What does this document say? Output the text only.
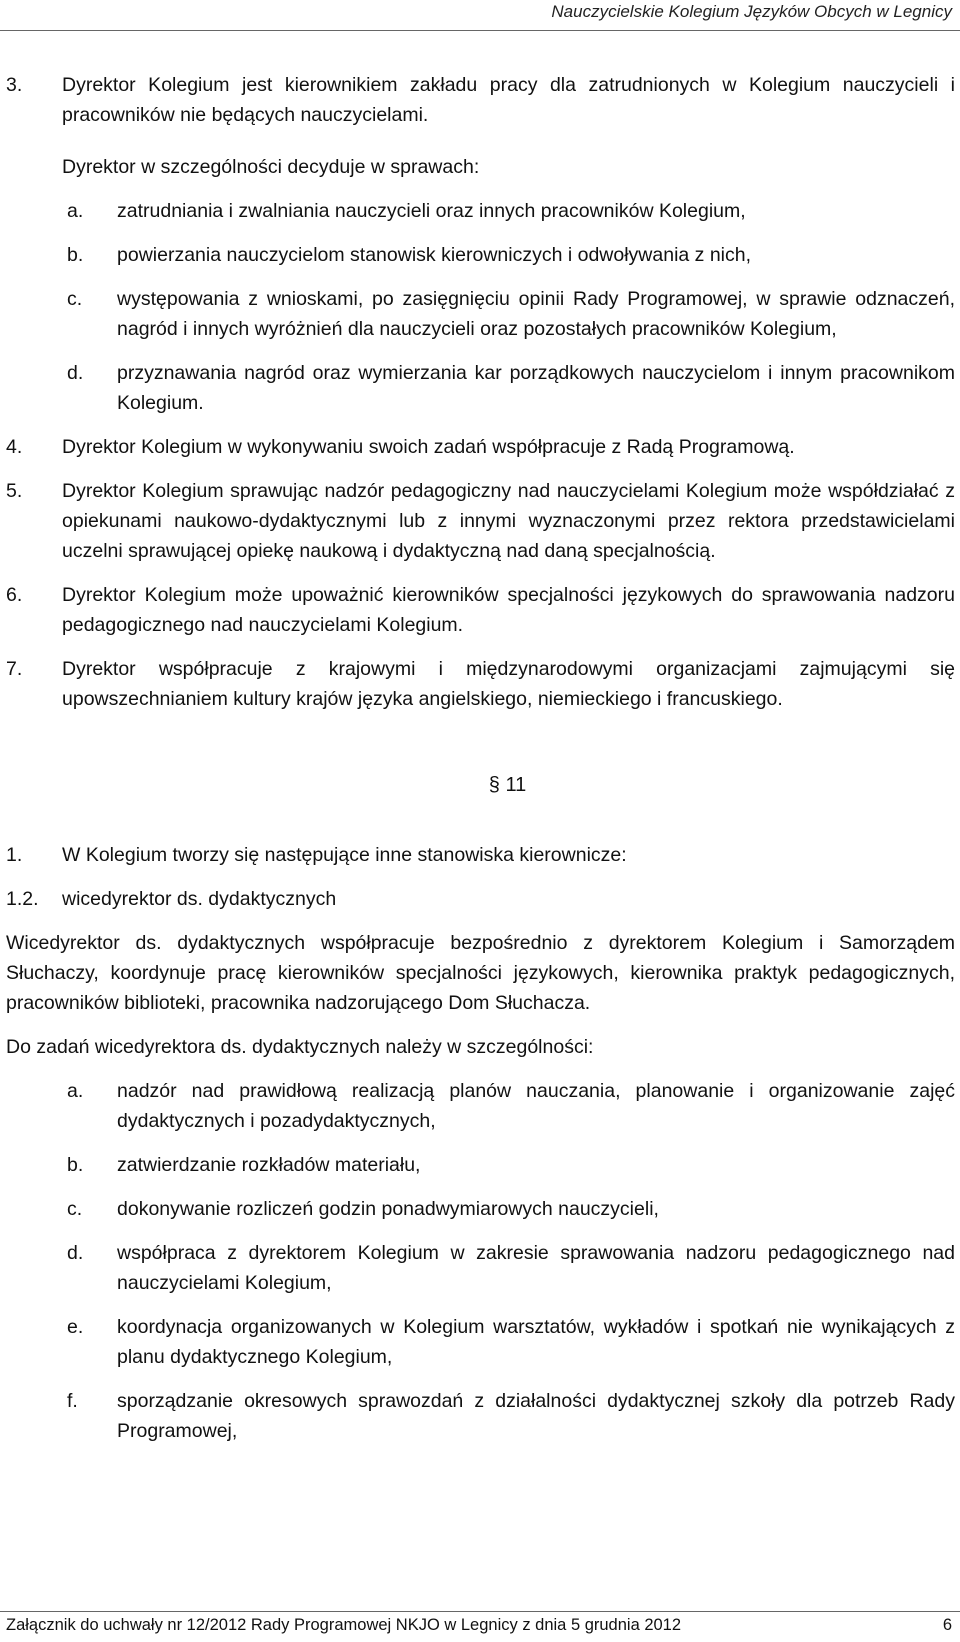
Nauczycielskie Kolegium Języków Obcych w Legnicy
3. Dyrektor Kolegium jest kierownikiem zakładu pracy dla zatrudnionych w Kolegium nauczycieli i pracowników nie będących nauczycielami.
Dyrektor w szczególności decyduje w sprawach:
a. zatrudniania i zwalniania nauczycieli oraz innych pracowników Kolegium,
b. powierzania nauczycielom stanowisk kierowniczych i odwoływania z nich,
c. występowania z wnioskami, po zasięgnięciu opinii Rady Programowej, w sprawie odznaczeń, nagród i innych wyróżnień dla nauczycieli oraz pozostałych pracowników Kolegium,
d. przyznawania nagród oraz wymierzania kar porządkowych nauczycielom i innym pracownikom Kolegium.
4. Dyrektor Kolegium w wykonywaniu swoich zadań współpracuje z Radą Programową.
5. Dyrektor Kolegium sprawując nadzór pedagogiczny nad nauczycielami Kolegium może współdziałać z opiekunami naukowo-dydaktycznymi lub z innymi wyznaczonymi przez rektora przedstawicielami uczelni sprawującej opiekę naukową i dydaktyczną nad daną specjalnością.
6. Dyrektor Kolegium może upoważnić kierowników specjalności językowych do sprawowania nadzoru pedagogicznego nad nauczycielami Kolegium.
7. Dyrektor współpracuje z krajowymi i międzynarodowymi organizacjami zajmującymi się upowszechnianiem kultury krajów języka angielskiego, niemieckiego i francuskiego.
§ 11
1. W Kolegium tworzy się następujące inne stanowiska kierownicze:
1.2. wicedyrektor ds. dydaktycznych
Wicedyrektor ds. dydaktycznych współpracuje bezpośrednio z dyrektorem Kolegium i Samorządem Słuchaczy, koordynuje pracę kierowników specjalności językowych, kierownika praktyk pedagogicznych, pracowników biblioteki, pracownika nadzorującego Dom Słuchacza.
Do zadań wicedyrektora ds. dydaktycznych należy w szczególności:
a. nadzór nad prawidłową realizacją planów nauczania, planowanie i organizowanie zajęć dydaktycznych i pozadydaktycznych,
b. zatwierdzanie rozkładów materiału,
c. dokonywanie rozliczeń godzin ponadwymiarowych nauczycieli,
d. współpraca z dyrektorem Kolegium w zakresie sprawowania nadzoru pedagogicznego nad nauczycielami Kolegium,
e. koordynacja organizowanych w Kolegium warsztatów, wykładów i spotkań nie wynikających z planu dydaktycznego Kolegium,
f. sporządzanie okresowych sprawozdań z działalności dydaktycznej szkoły dla potrzeb Rady Programowej,
Załącznik do uchwały nr 12/2012 Rady Programowej NKJO w Legnicy z dnia 5 grudnia 2012	6
